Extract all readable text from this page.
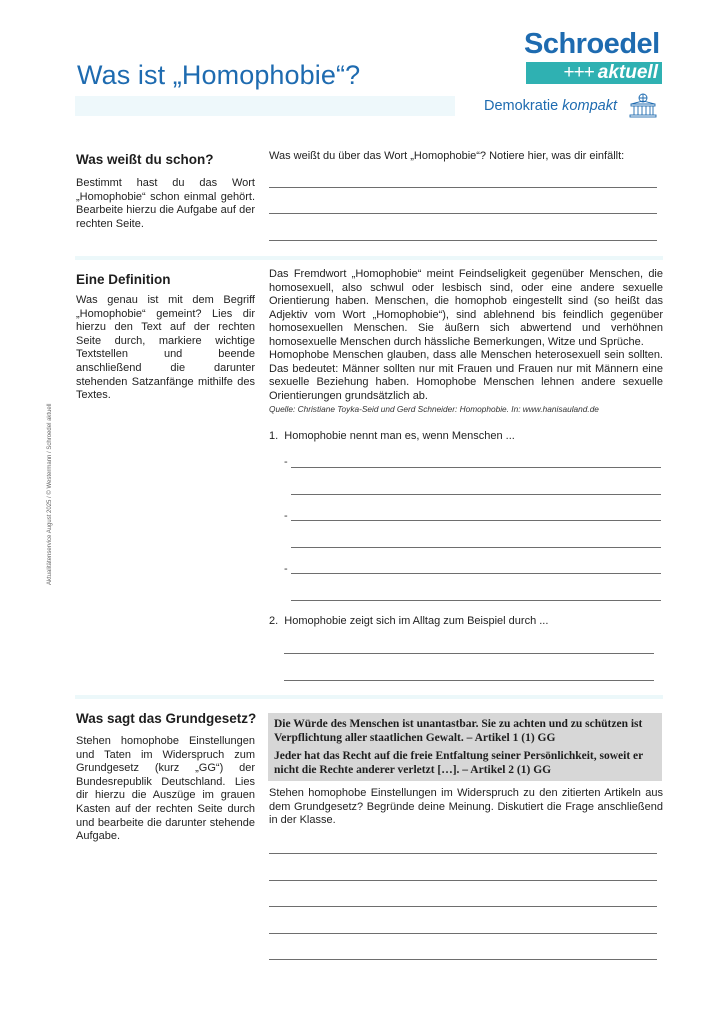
Was ist „Homophobie“?
Schroedel
+++ aktuell
Demokratie kompakt
Aktualitätenservice August 2025 / © Westermann / Schroedel aktuell
Was weißt du schon?
Bestimmt hast du das Wort „Homophobie“ schon einmal gehört. Bearbeite hierzu die Aufgabe auf der rechten Seite.
Was weißt du über das Wort „Homophobie“? Notiere hier, was dir einfällt:
Eine Definition
Was genau ist mit dem Begriff „Homophobie“ gemeint? Lies dir hierzu den Text auf der rechten Seite durch, markiere wichtige Textstellen und beende anschließend die darunter stehenden Satzanfänge mithilfe des Textes.
Das Fremdwort „Homophobie“ meint Feindseligkeit gegenüber Menschen, die homosexuell, also schwul oder lesbisch sind, oder eine andere sexuelle Orientierung haben. Menschen, die homophob eingestellt sind (so heißt das Adjektiv vom Wort „Homophobie“), sind ablehnend bis feindlich gegenüber homosexuellen Menschen. Sie äußern sich abwertend und verhöhnen homosexuelle Menschen durch hässliche Bemerkungen, Witze und Sprüche.
Homophobe Menschen glauben, dass alle Menschen heterosexuell sein sollten. Das bedeutet: Männer sollten nur mit Frauen und Frauen nur mit Männern eine sexuelle Beziehung haben. Homophobe Menschen lehnen andere sexuelle Orientierungen grundsätzlich ab.
Quelle: Christiane Toyka-Seid und Gerd Schneider: Homophobie. In: www.hanisauland.de
1.  Homophobie nennt man es, wenn Menschen ...
-
-
-
2.  Homophobie zeigt sich im Alltag zum Beispiel durch ...
Was sagt das Grundgesetz?
Stehen homophobe Einstellungen und Taten im Widerspruch zum Grundgesetz (kurz „GG“) der Bundesrepublik Deutschland. Lies dir hierzu die Auszüge im grauen Kasten auf der rechten Seite durch und bearbeite die darunter stehende Aufgabe.

Die Würde des Menschen ist unantastbar. Sie zu achten und zu schützen ist Verpflichtung aller staatlichen Gewalt. – Artikel 1 (1) GG

Jeder hat das Recht auf die freie Entfaltung seiner Persönlichkeit, soweit er nicht die Rechte anderer verletzt […]. – Artikel 2 (1) GG

Stehen homophobe Einstellungen im Widerspruch zu den zitierten Artikeln aus dem Grundgesetz? Begründe deine Meinung. Diskutiert die Frage anschließend in der Klasse.
